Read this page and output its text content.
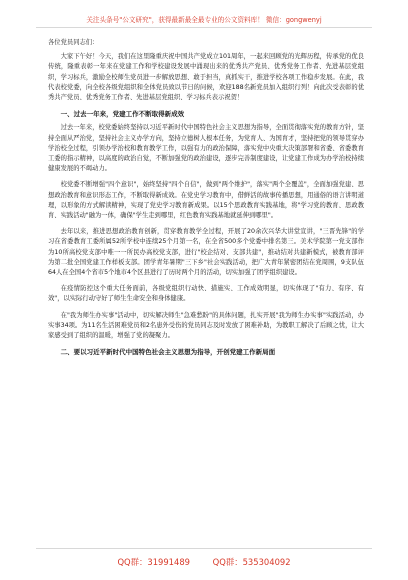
关注头条号"公文研究"，获得最新最全最专业的公文资料库！ 微信：gongwenyj

各位党员同志们：

大家下午好！今天，我们在这里隆重庆祝中国共产党成立101周年，一起来回顾党的光辉历程，传承党的优良传统，隆重表彰一年来在党建工作和学校建设发展中涌现出来的优秀共产党员、优秀党务工作者、先进基层党组织，学习标兵，激励全校师生党员进一步解放思想、敢于担当，真抓实干，推进学校各项工作稳步发展。在此，我代表校党委，向全校各级党组织和全体党员致以节日的问候，欢迎188名新党员加入组织行列！向此次受表彰的优秀共产党员、优秀党务工作者、先进基层党组织、学习标兵表示祝贺！

一、过去一年来，党建工作不断取得新成效

过去一年来，校党委始终坚持以习近平新时代中国特色社会主义思想为指导，全面贯彻落实党的教育方针，坚持全面从严治党，坚持社会主义办学方向，坚持立德树人根本任务，为党育人、为国育才，坚持把党的领导贯穿办学治校全过程，引领办学治校和教育教学工作，以强有力的政治保障，落实党中央重大决策部署和省委、省委教育工委的指示精神，以高度的政治自觉，不断加强党的政治建设，逐步完善制度建设，让党建工作成为办学治校持续健康发展的不竭动力。

校党委不断增强"四个意识"，始终坚持"四个自信"，做到"两个维护"，落实"两个全覆盖"，全面加强党建、思想政治教育和意识形态工作，不断取得新成效。在党史学习教育中，借鲜活的故事传播思想，用通俗的语言讲明道理，以形象的方式解读精神，实现了党史学习教育新成果。以15个思政教育实践基地，将"学习党的教育、思政教育、实践活动"融为一体，确保"学生走到哪里，红色教育实践基地就延伸到哪里"。

去年以来，推进思想政治教育创新，贯穿教育教学全过程，开展了20余次兴华大讲堂宣讲，"三晋先锋"的学习在省委教育工委所属52所学校中连续25个月第一名，在全省500多个党委中排名第三。美术学院第一党支部作为10所高校党支部中唯一一所民办高校党支部，进行"校企结对、支部共建"，推动结对共建新模式，被教育部评为第二批全国党建工作样板支部。团学青年暑期"三下乡"社会实践活动，把广大青年紧密团结在党周围，9支队伍64人在全国4个省市5个地市4个区县进行了历时两个月的活动，切实加强了团学组织建设。

在疫情防控这个重大任务面前，各级党组织行动快、措施实、工作成效明显，切实体现了"有力、有序、有效"，以实际行动守好了师生生命安全和身体健康。

在"我为师生办实事"活动中，切实解决师生"急难愁盼"的具体问题，扎实开展"我为师生办实事"实践活动，办实事34项。为11名生活困难党员和2名患外受伤的党员同志及时发放了困难补助，为教职工解决了后顾之忧，让大家感受到了组织的温暖，增强了党的凝聚力。

二、要以习近平新时代中国特色社会主义思想为指导，开创党建工作新局面

QQ群：31991489	QQ群：535304092
